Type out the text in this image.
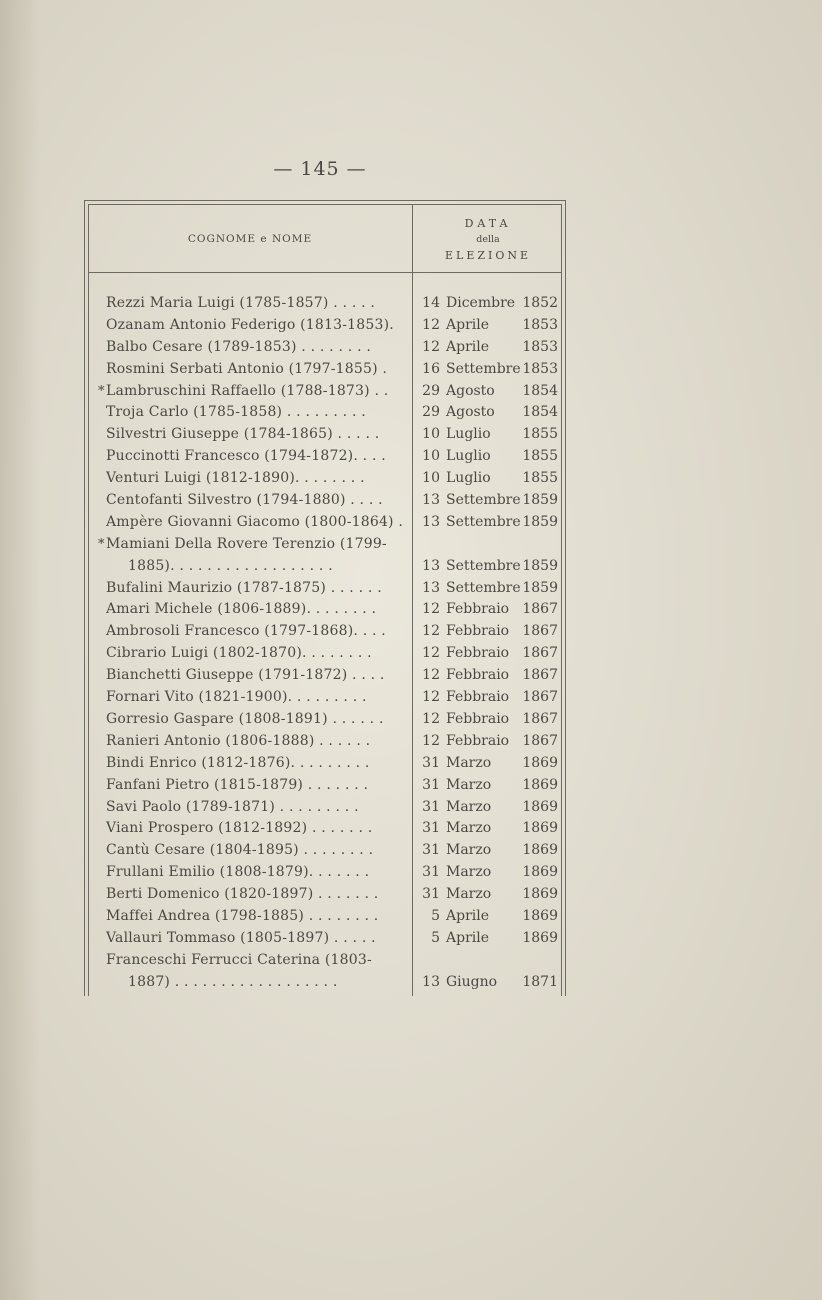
— 145 —
COGNOME e NOME
DATA
della
ELEZIONE
Rezzi Maria Luigi (1785-1857) . . . . .	14 Dicembre 1852
Ozanam Antonio Federigo (1813-1853).	12 Aprile 1853
Balbo Cesare (1789-1853) . . . . . . . .	12 Aprile 1853
Rosmini Serbati Antonio (1797-1855) .	16 Settembre 1853
* Lambruschini Raffaello (1788-1873) . .	29 Agosto 1854
Troja Carlo (1785-1858) . . . . . . . . .	29 Agosto 1854
Silvestri Giuseppe (1784-1865) . . . . .	10 Luglio 1855
Puccinotti Francesco (1794-1872). . . .	10 Luglio 1855
Venturi Luigi (1812-1890). . . . . . . .	10 Luglio 1855
Centofanti Silvestro (1794-1880) . . . .	13 Settembre 1859
Ampère Giovanni Giacomo (1800-1864) . 13 Settembre 1859
* Mamiani Della Rovere Terenzio (1799-
1885). . . . . . . . . . . . . . . . . .	13 Settembre 1859
Bufalini Maurizio (1787-1875) . . . . . .	13 Settembre 1859
Amari Michele (1806-1889). . . . . . . .	12 Febbraio 1867
Ambrosoli Francesco (1797-1868). . . .	12 Febbraio 1867
Cibrario Luigi (1802-1870). . . . . . . .	12 Febbraio 1867
Bianchetti Giuseppe (1791-1872) . . . .	12 Febbraio 1867
Fornari Vito (1821-1900). . . . . . . . .	12 Febbraio 1867
Gorresio Gaspare (1808-1891) . . . . . .	12 Febbraio 1867
Ranieri Antonio (1806-1888) . . . . . .	12 Febbraio 1867
Bindi Enrico (1812-1876). . . . . . . . .	31 Marzo 1869
Fanfani Pietro (1815-1879) . . . . . . .	31 Marzo 1869
Savi Paolo (1789-1871) . . . . . . . . .	31 Marzo 1869
Viani Prospero (1812-1892) . . . . . . .	31 Marzo 1869
Cantù Cesare (1804-1895) . . . . . . . .	31 Marzo 1869
Frullani Emilio (1808-1879). . . . . . .	31 Marzo 1869
Berti Domenico (1820-1897) . . . . . . .	31 Marzo 1869
Maffei Andrea (1798-1885) . . . . . . . .	5 Aprile 1869
Vallauri Tommaso (1805-1897) . . . . .	5 Aprile 1869
Franceschi Ferrucci Caterina (1803-
1887) . . . . . . . . . . . . . . . . . .	13 Giugno 1871
